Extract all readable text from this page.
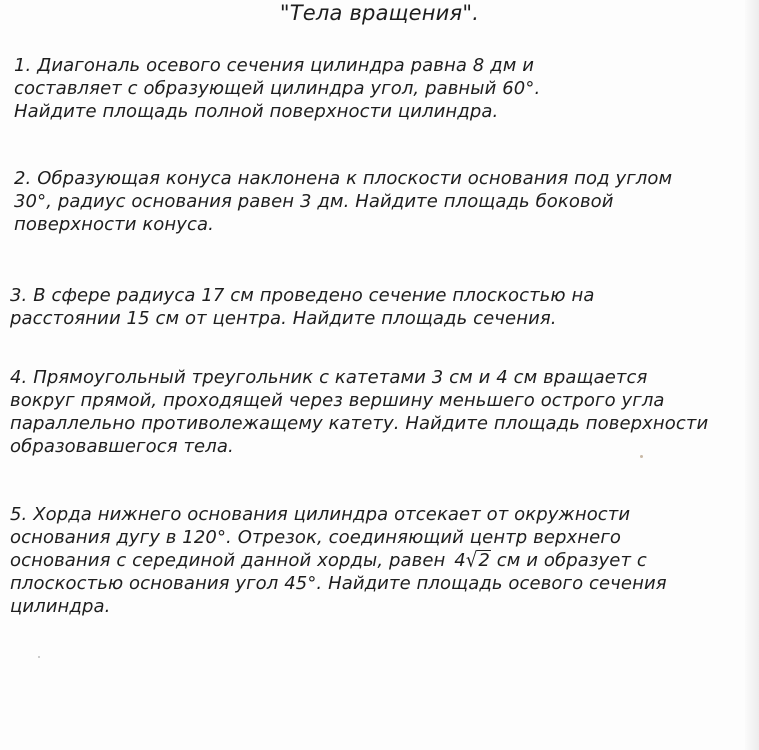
"Тела вращения".
1. Диагональ осевого сечения цилиндра равна 8 дм и
составляет с образующей цилиндра угол, равный 60°.
Найдите площадь полной поверхности цилиндра.
2. Образующая конуса наклонена к плоскости основания под углом
30°, радиус основания равен 3 дм. Найдите площадь боковой
поверхности конуса.
3. В сфере радиуса 17 см проведено сечение плоскостью на
расстоянии 15 см от центра. Найдите площадь сечения.
4. Прямоугольный треугольник с катетами 3 см и 4 см вращается
вокруг прямой, проходящей через вершину меньшего острого угла
параллельно противолежащему катету. Найдите площадь поверхности
образовавшегося тела.
5. Хорда нижнего основания цилиндра отсекает от окружности
основания дугу в 120°. Отрезок, соединяющий центр верхнего
основания с серединой данной хорды, равен 4√2 см и образует с
плоскостью основания угол 45°. Найдите площадь осевого сечения
цилиндра.
